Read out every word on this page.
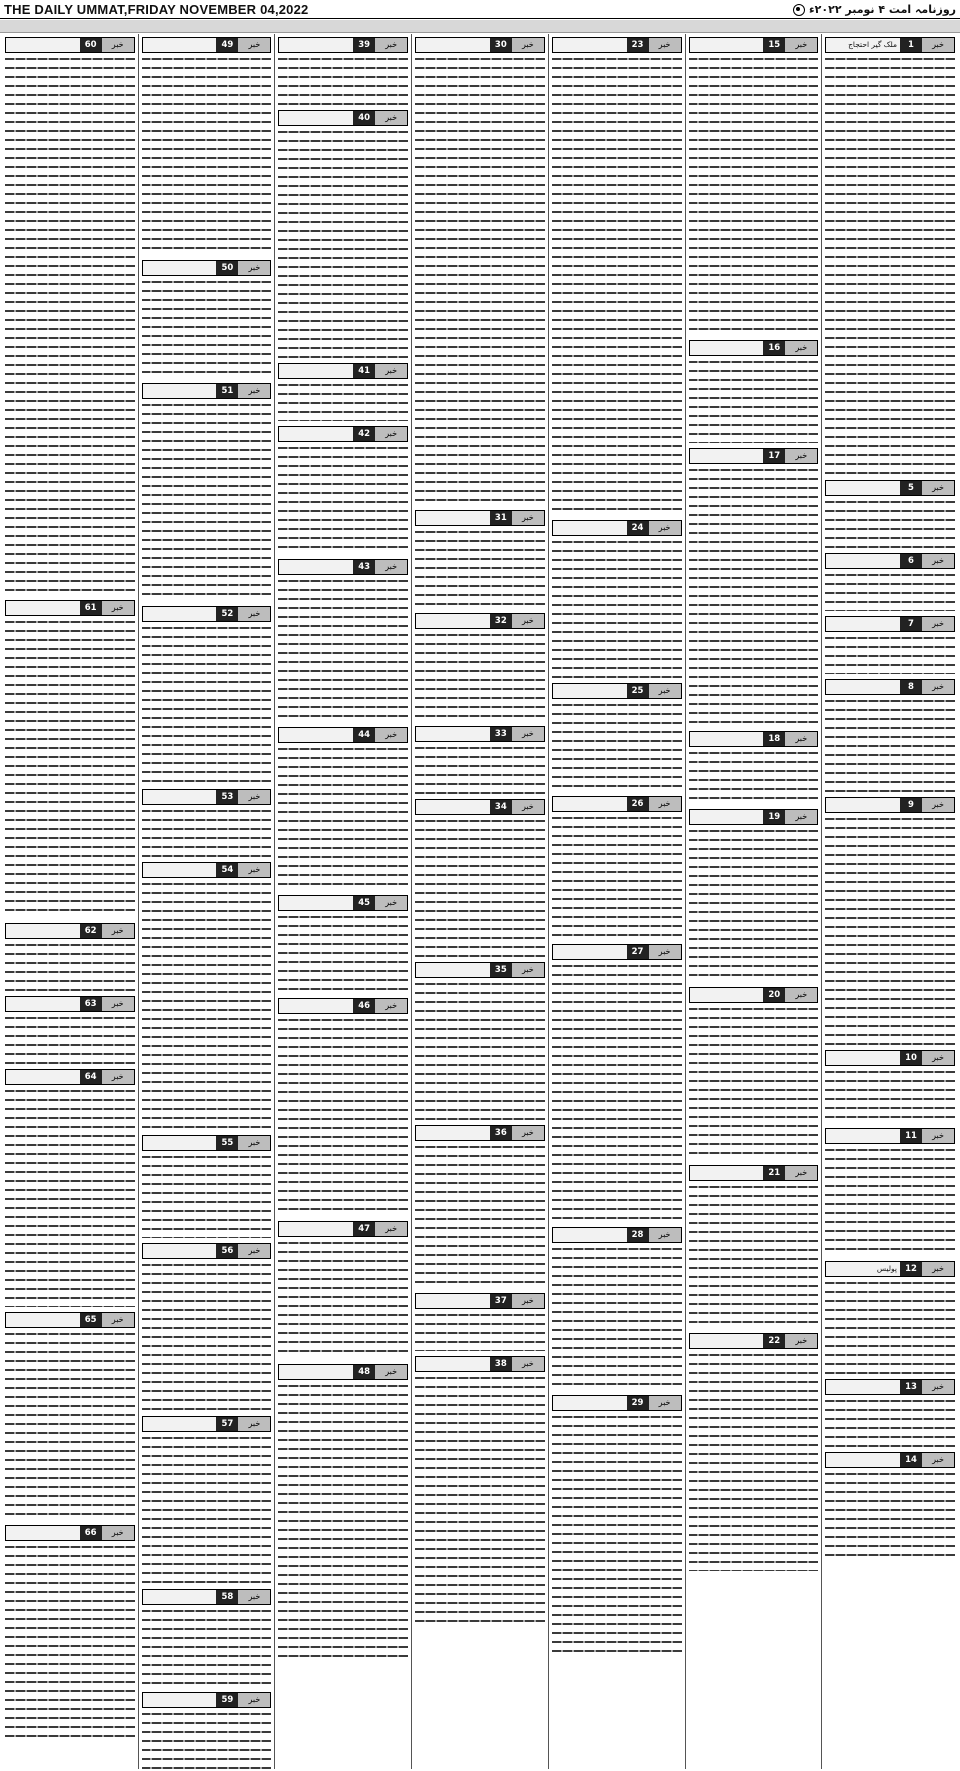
THE DAILY UMMAT,FRIDAY NOVEMBER 04,2022	روزنامہ امت ۴ نومبر ۲۰۲۲ء
خبر
1
ملک گیر احتجاج
خبر
5
خبر
6
خبر
7
خبر
8
خبر
9
خبر
10
خبر
11
خبر
12
پولیس
خبر
13
خبر
14
خبر
15
خبر
16
خبر
17
خبر
18
خبر
19
خبر
20
خبر
21
خبر
22
خبر
23
خبر
24
خبر
25
خبر
26
خبر
27
خبر
28
خبر
29
خبر
30
خبر
31
خبر
32
خبر
33
خبر
34
خبر
35
خبر
36
خبر
37
خبر
38
خبر
39
خبر
40
خبر
41
خبر
42
خبر
43
خبر
44
خبر
45
خبر
46
خبر
47
خبر
48
خبر
49
خبر
50
خبر
51
خبر
52
خبر
53
خبر
54
خبر
55
خبر
56
خبر
57
خبر
58
خبر
59
خبر
60
خبر
61
خبر
62
خبر
63
خبر
64
خبر
65
خبر
66
